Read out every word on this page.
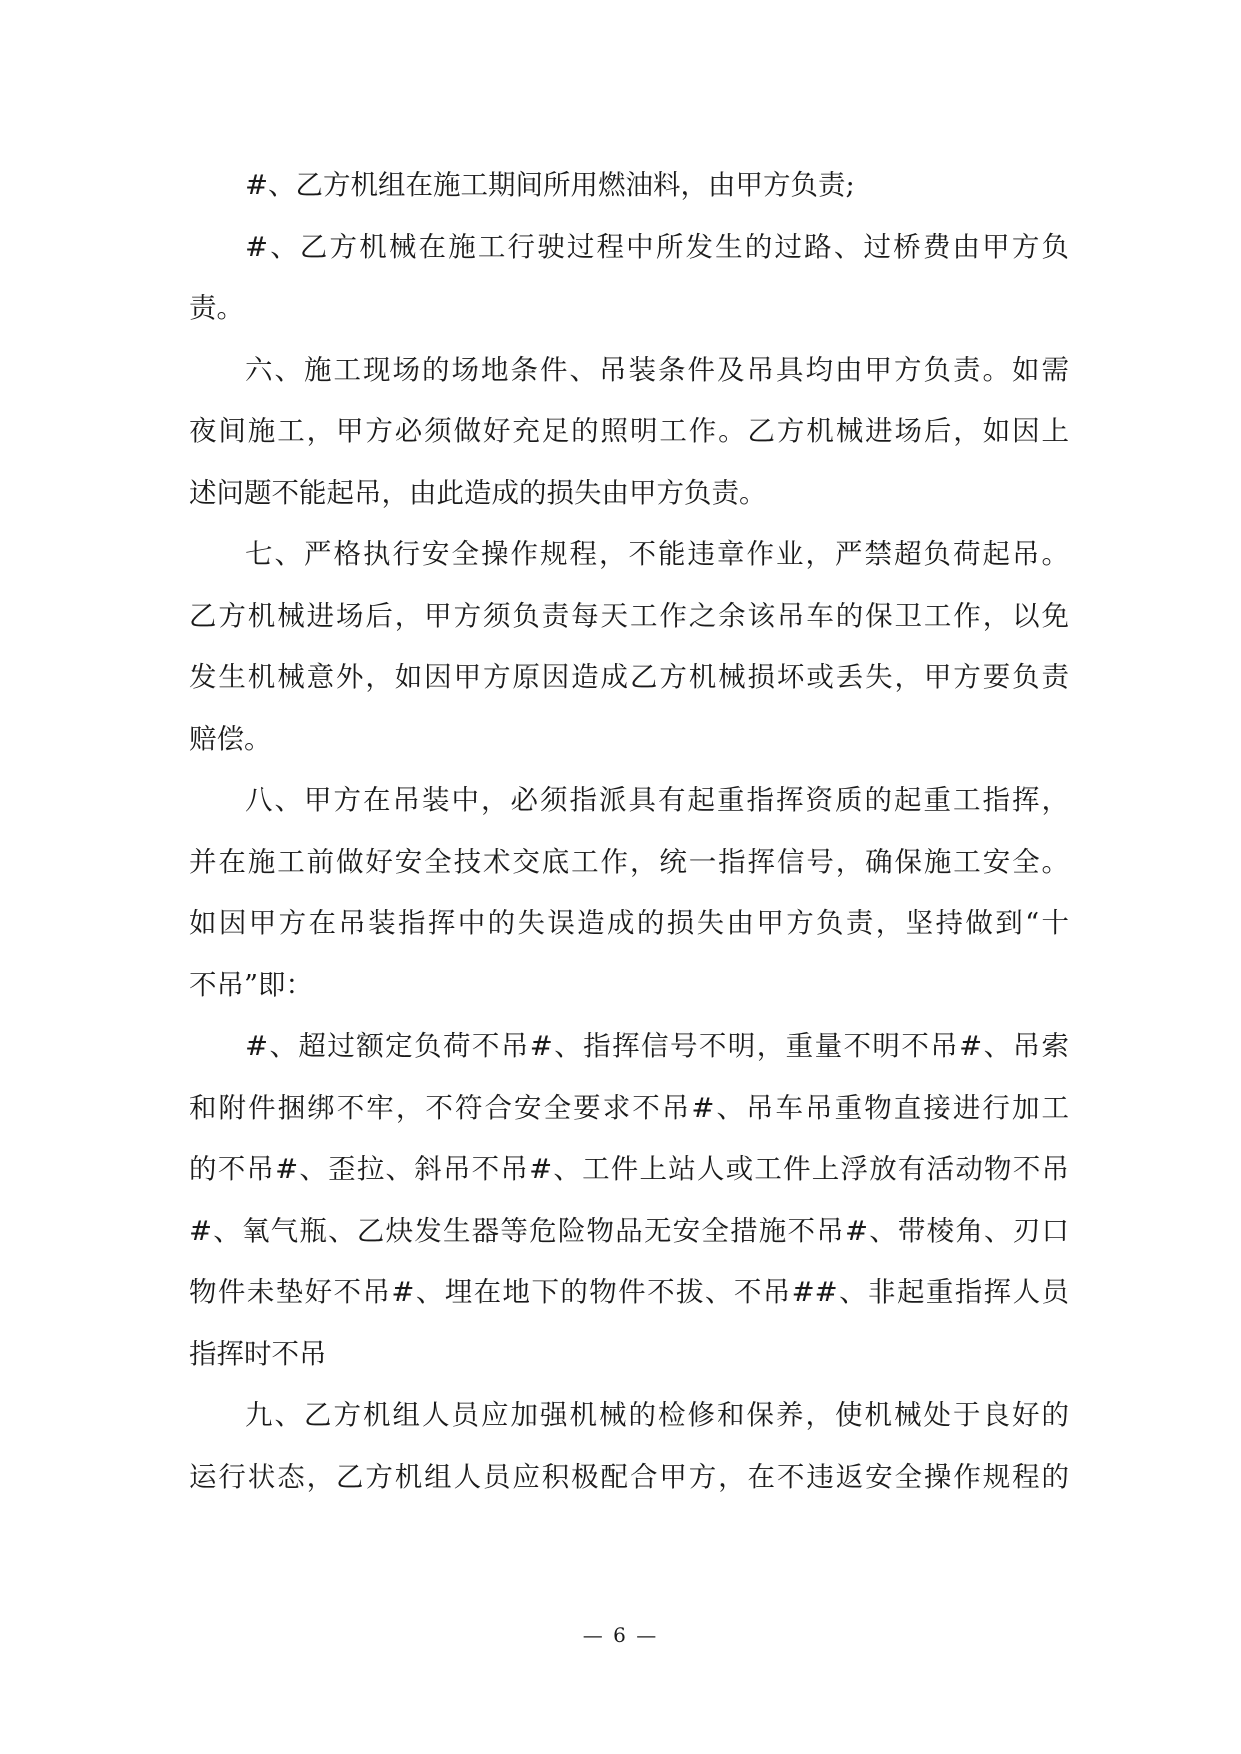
#、乙方机组在施工期间所用燃油料，由甲方负责;
#、乙方机械在施工行驶过程中所发生的过路、过桥费由甲方负
责。
六、施工现场的场地条件、吊装条件及吊具均由甲方负责。如需
夜间施工，甲方必须做好充足的照明工作。乙方机械进场后，如因上
述问题不能起吊，由此造成的损失由甲方负责。
七、严格执行安全操作规程，不能违章作业，严禁超负荷起吊。
乙方机械进场后，甲方须负责每天工作之余该吊车的保卫工作，以免
发生机械意外，如因甲方原因造成乙方机械损坏或丢失，甲方要负责
赔偿。
八、甲方在吊装中，必须指派具有起重指挥资质的起重工指挥，
并在施工前做好安全技术交底工作，统一指挥信号，确保施工安全。
如因甲方在吊装指挥中的失误造成的损失由甲方负责，坚持做到“十
不吊”即：
#、超过额定负荷不吊#、指挥信号不明，重量不明不吊#、吊索
和附件捆绑不牢，不符合安全要求不吊#、吊车吊重物直接进行加工
的不吊#、歪拉、斜吊不吊#、工件上站人或工件上浮放有活动物不吊
#、氧气瓶、乙炔发生器等危险物品无安全措施不吊#、带棱角、刃口
物件未垫好不吊#、埋在地下的物件不拔、不吊##、非起重指挥人员
指挥时不吊
九、乙方机组人员应加强机械的检修和保养，使机械处于良好的
运行状态，乙方机组人员应积极配合甲方，在不违返安全操作规程的
— 6 —
